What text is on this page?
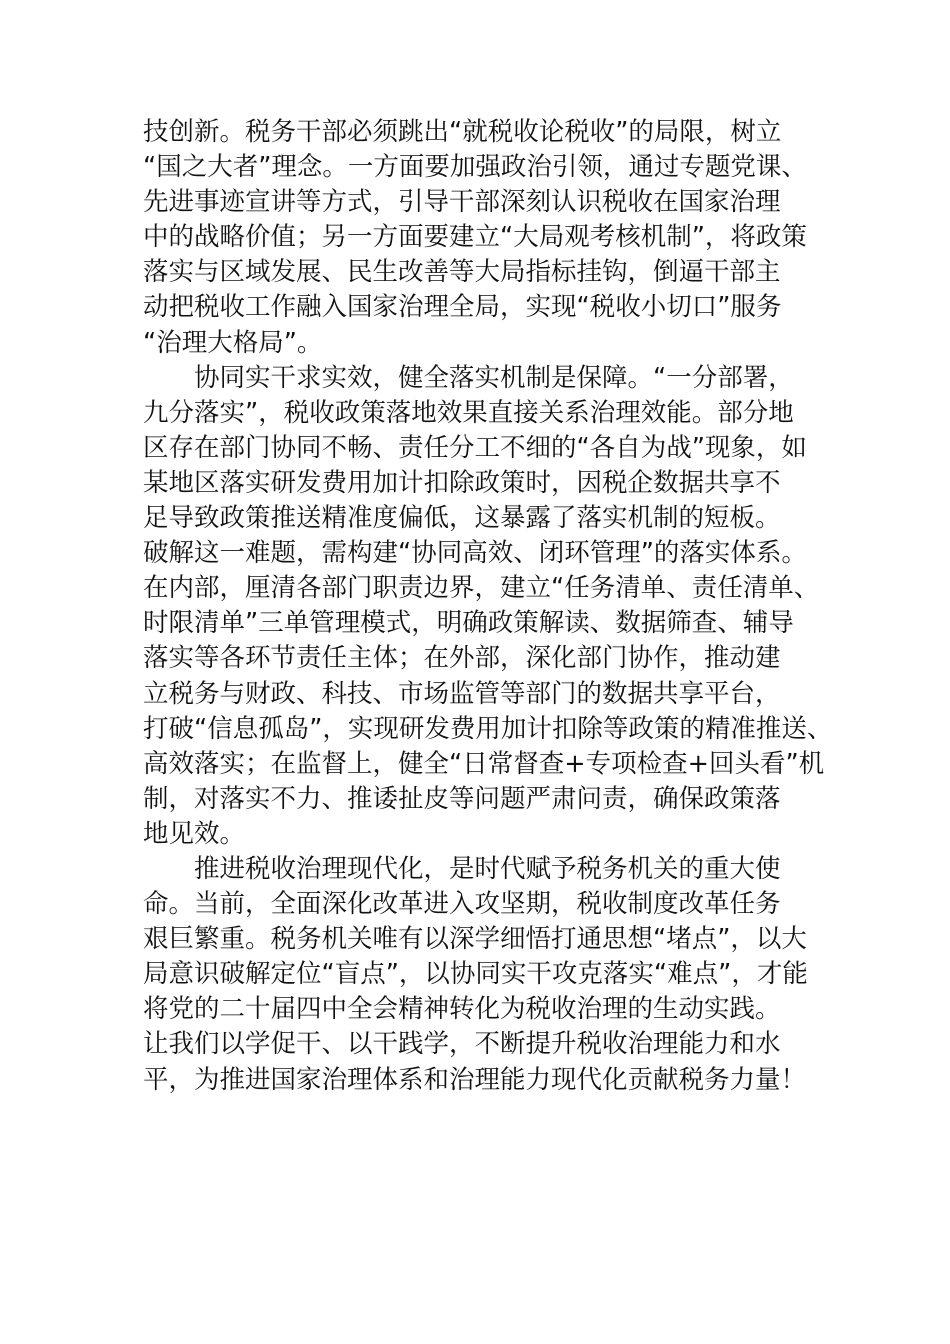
技创新。税务干部必须跳出“就税收论税收”的局限，树立
“国之大者”理念。一方面要加强政治引领，通过专题党课、
先进事迹宣讲等方式，引导干部深刻认识税收在国家治理
中的战略价值；另一方面要建立“大局观考核机制”，将政策
落实与区域发展、民生改善等大局指标挂钩，倒逼干部主
动把税收工作融入国家治理全局，实现“税收小切口”服务
“治理大格局”。
协同实干求实效，健全落实机制是保障。“一分部署，
九分落实”，税收政策落地效果直接关系治理效能。部分地
区存在部门协同不畅、责任分工不细的“各自为战”现象，如
某地区落实研发费用加计扣除政策时，因税企数据共享不
足导致政策推送精准度偏低，这暴露了落实机制的短板。
破解这一难题，需构建“协同高效、闭环管理”的落实体系。
在内部，厘清各部门职责边界，建立“任务清单、责任清单、
时限清单”三单管理模式，明确政策解读、数据筛查、辅导
落实等各环节责任主体；在外部，深化部门协作，推动建
立税务与财政、科技、市场监管等部门的数据共享平台，
打破“信息孤岛”，实现研发费用加计扣除等政策的精准推送、
高效落实；在监督上，健全“日常督查+专项检查+回头看”机
制，对落实不力、推诿扯皮等问题严肃问责，确保政策落
地见效。
推进税收治理现代化，是时代赋予税务机关的重大使
命。当前，全面深化改革进入攻坚期，税收制度改革任务
艰巨繁重。税务机关唯有以深学细悟打通思想“堵点”，以大
局意识破解定位“盲点”，以协同实干攻克落实“难点”，才能
将党的二十届四中全会精神转化为税收治理的生动实践。
让我们以学促干、以干践学，不断提升税收治理能力和水
平，为推进国家治理体系和治理能力现代化贡献税务力量！
